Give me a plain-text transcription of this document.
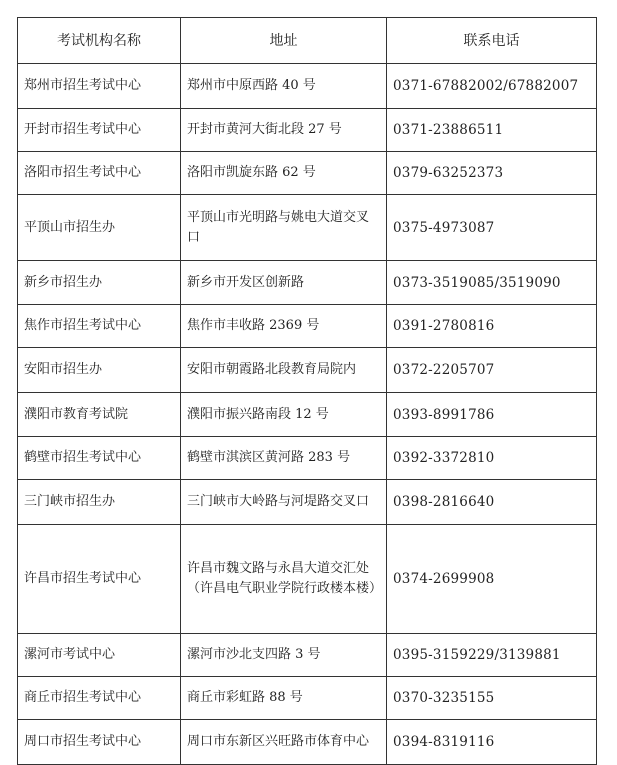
考试机构名称	地址	联系电话
郑州市招生考试中心	郑州市中原西路 40 号	0371-67882002/67882007
开封市招生考试中心	开封市黄河大街北段 27 号	0371-23886511
洛阳市招生考试中心	洛阳市凯旋东路 62 号	0379-63252373
平顶山市招生办	平顶山市光明路与姚电大道交叉口	0375-4973087
新乡市招生办	新乡市开发区创新路	0373-3519085/3519090
焦作市招生考试中心	焦作市丰收路 2369 号	0391-2780816
安阳市招生办	安阳市朝霞路北段教育局院内	0372-2205707
濮阳市教育考试院	濮阳市振兴路南段 12 号	0393-8991786
鹤壁市招生考试中心	鹤壁市淇滨区黄河路 283 号	0392-3372810
三门峡市招生办	三门峡市大岭路与河堤路交叉口	0398-2816640
许昌市招生考试中心	许昌市魏文路与永昌大道交汇处（许昌电气职业学院行政楼本楼）	0374-2699908
漯河市考试中心	漯河市沙北支四路 3 号	0395-3159229/3139881
商丘市招生考试中心	商丘市彩虹路 88 号	0370-3235155
周口市招生考试中心	周口市东新区兴旺路市体育中心	0394-8319116
